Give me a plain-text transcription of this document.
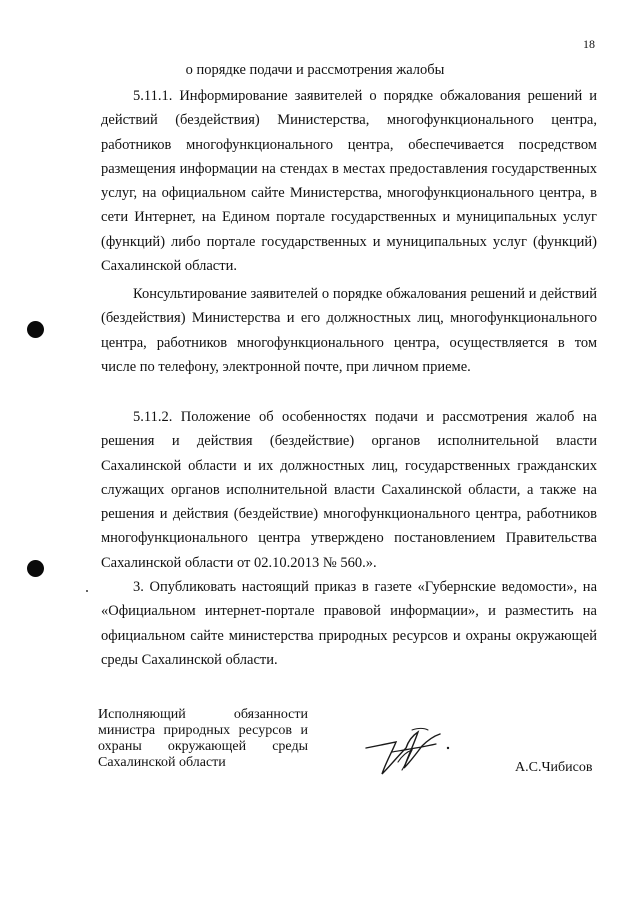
18
о порядке подачи и рассмотрения жалобы

5.11.1. Информирование заявителей о порядке обжалования решений и действий (бездействия) Министерства, многофункционального центра, работников многофункционального центра, обеспечивается посредством размещения информации на стендах в местах предоставления государственных услуг, на официальном сайте Министерства, многофункционального центра, в сети Интернет, на Едином портале государственных и муниципальных услуг (функций) либо портале государственных и муниципальных услуг (функций) Сахалинской области.

Консультирование заявителей о порядке обжалования решений и действий (бездействия) Министерства и его должностных лиц, многофункционального центра, работников многофункционального центра, осуществляется в том числе по телефону, электронной почте, при личном приеме.

5.11.2. Положение об особенностях подачи и рассмотрения жалоб на решения и действия (бездействие) органов исполнительной власти Сахалинской области и их должностных лиц, государственных гражданских служащих органов исполнительной власти Сахалинской области, а также на решения и действия (бездействие) многофункционального центра, работников многофункционального центра утверждено постановлением Правительства Сахалинской области от 02.10.2013 № 560.».

3. Опубликовать настоящий приказ в газете «Губернские ведомости», на «Официальном интернет-портале правовой информации», и разместить на официальном сайте министерства природных ресурсов и охраны окружающей среды Сахалинской области.

Исполняющий обязанности
министра природных ресурсов и
охраны окружающей среды
Сахалинской области	А.С.Чибисов
